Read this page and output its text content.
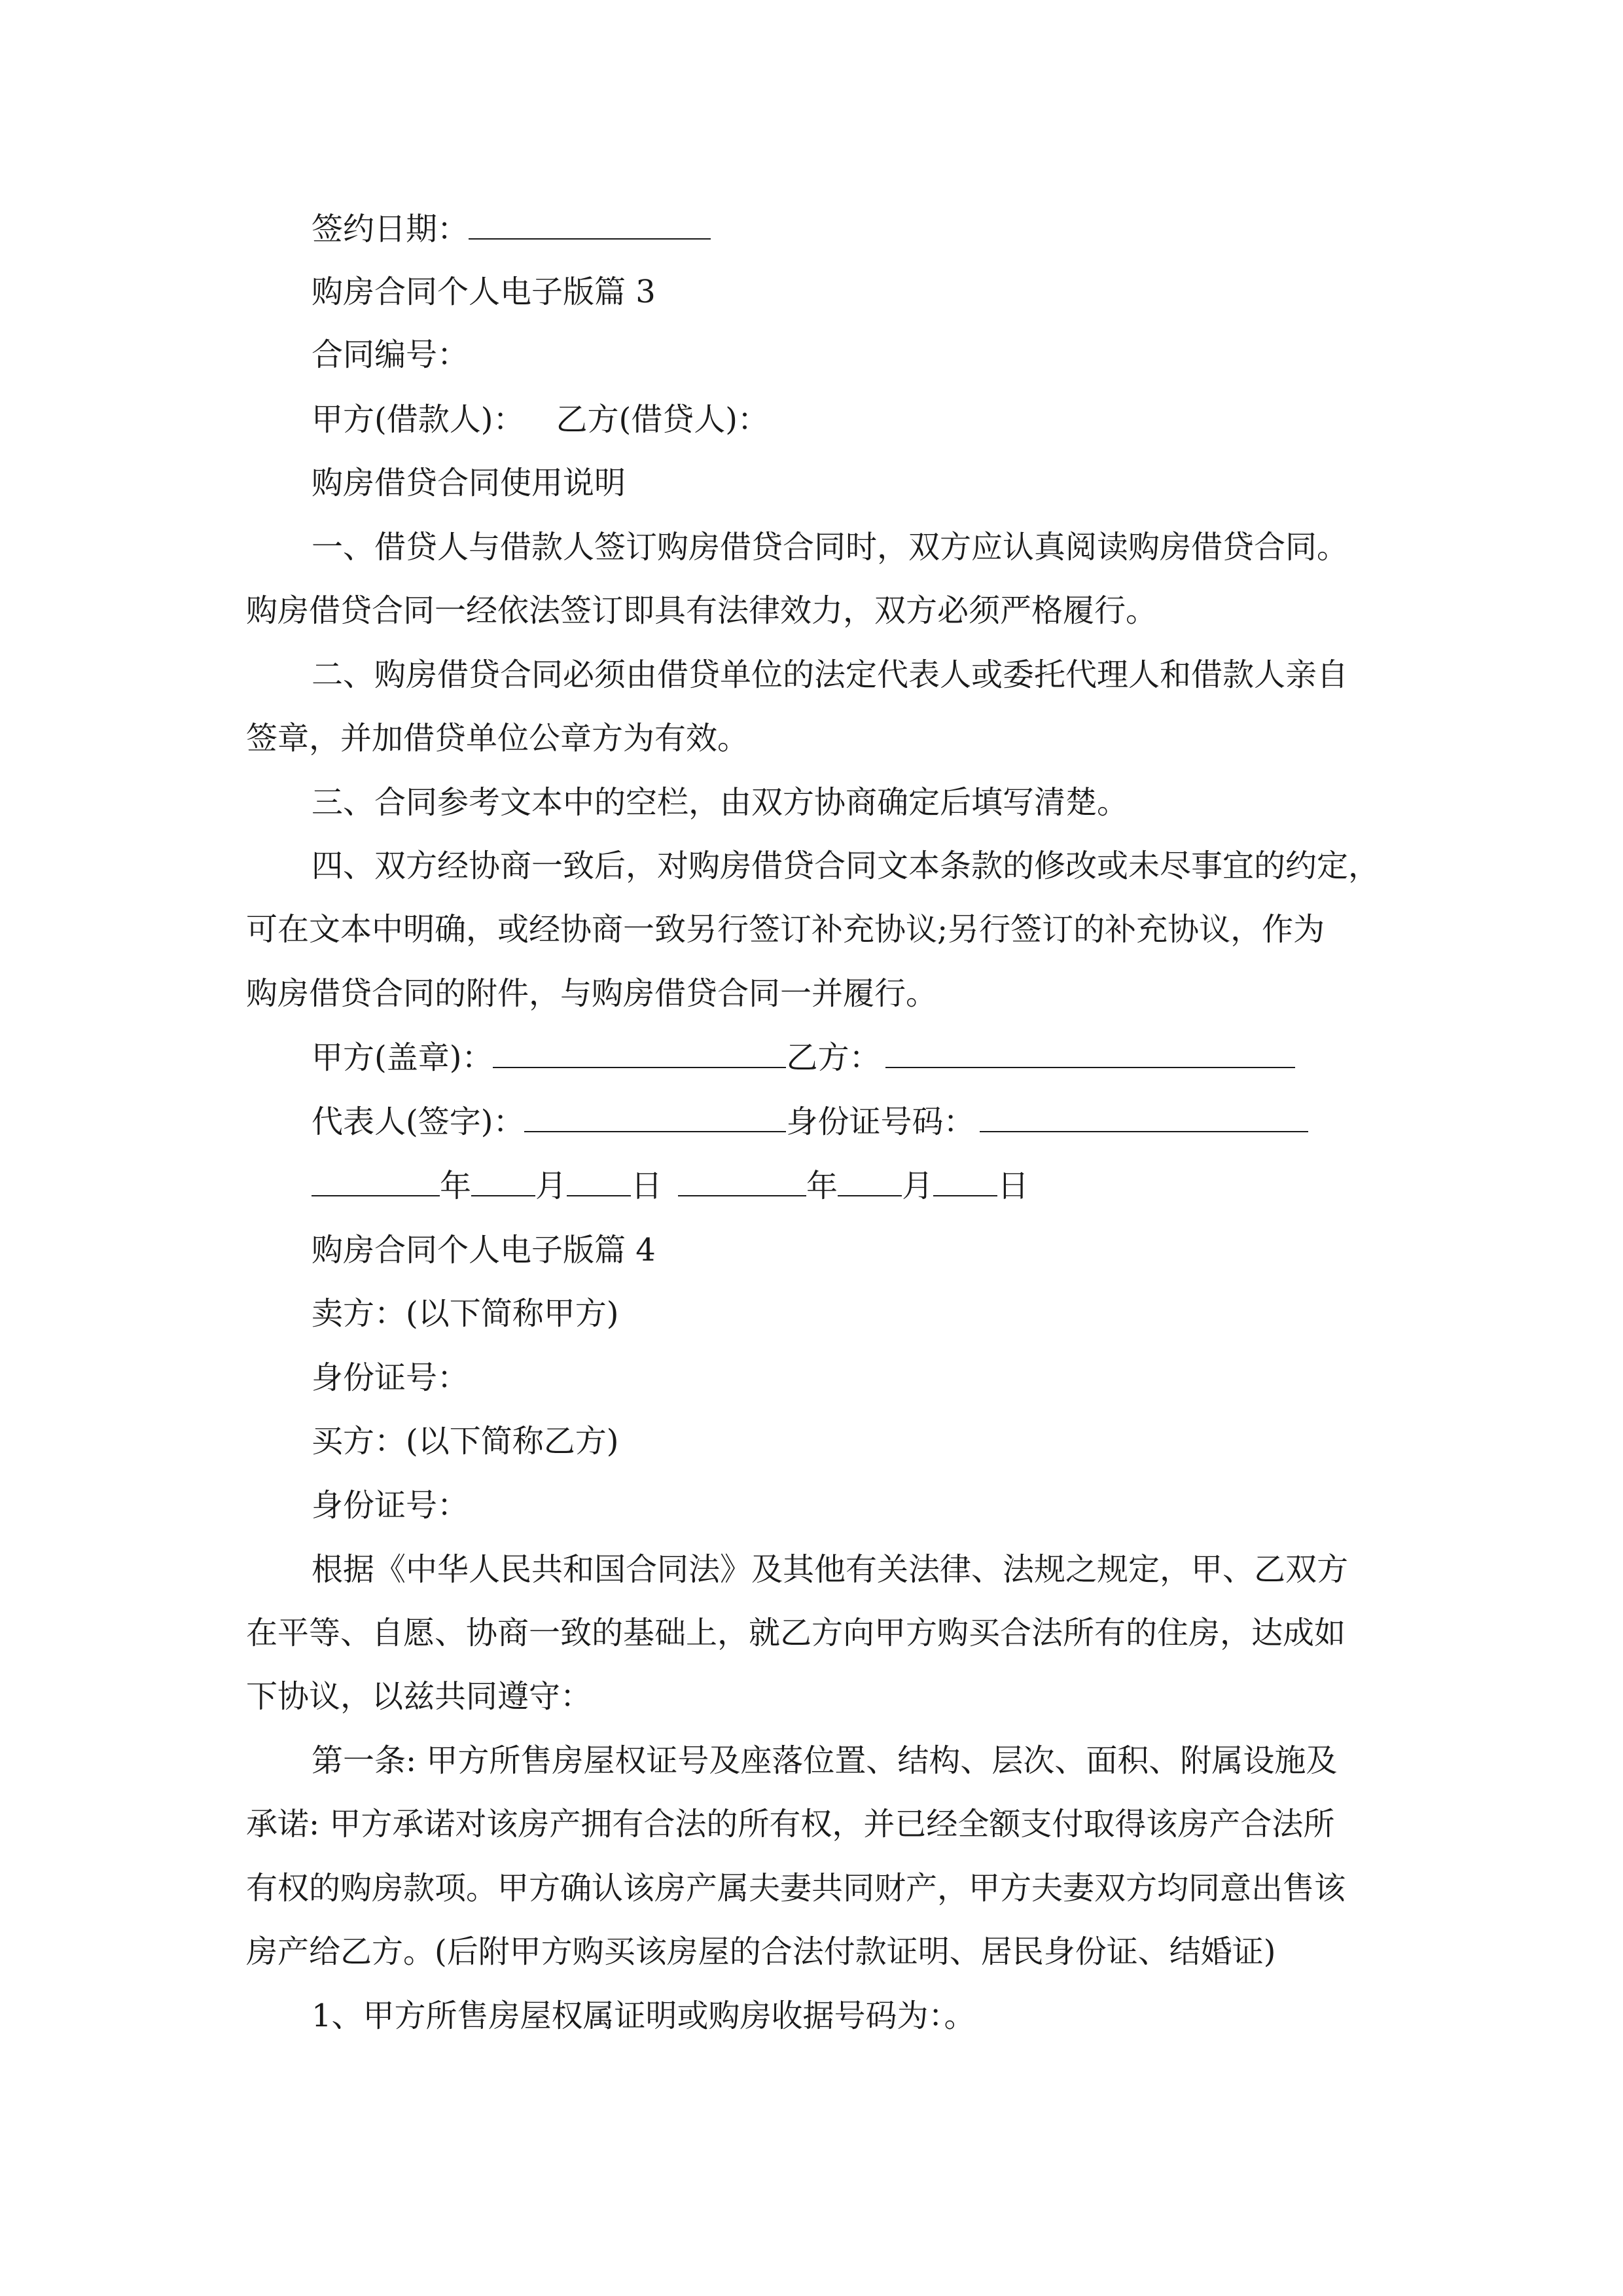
签约日期：
购房合同个人电子版篇 3
合同编号：
甲方(借款人)： 乙方(借贷人)：
购房借贷合同使用说明
一、借贷人与借款人签订购房借贷合同时，双方应认真阅读购房借贷合同。
购房借贷合同一经依法签订即具有法律效力，双方必须严格履行。
二、购房借贷合同必须由借贷单位的法定代表人或委托代理人和借款人亲自
签章，并加借贷单位公章方为有效。
三、合同参考文本中的空栏，由双方协商确定后填写清楚。
四、双方经协商一致后，对购房借贷合同文本条款的修改或未尽事宜的约定，
可在文本中明确，或经协商一致另行签订补充协议;另行签订的补充协议，作为
购房借贷合同的附件，与购房借贷合同一并履行。
甲方(盖章)：	乙方：
代表人(签字)：	身份证号码：
年 月 日	年 月 日
购房合同个人电子版篇 4
卖方：(以下简称甲方)
身份证号：
买方：(以下简称乙方)
身份证号：
根据《中华人民共和国合同法》及其他有关法律、法规之规定，甲、乙双方
在平等、自愿、协商一致的基础上，就乙方向甲方购买合法所有的住房，达成如
下协议，以兹共同遵守：
第一条: 甲方所售房屋权证号及座落位置、结构、层次、面积、附属设施及
承诺: 甲方承诺对该房产拥有合法的所有权，并已经全额支付取得该房产合法所
有权的购房款项。甲方确认该房产属夫妻共同财产，甲方夫妻双方均同意出售该
房产给乙方。(后附甲方购买该房屋的合法付款证明、居民身份证、结婚证)
1、甲方所售房屋权属证明或购房收据号码为：。
